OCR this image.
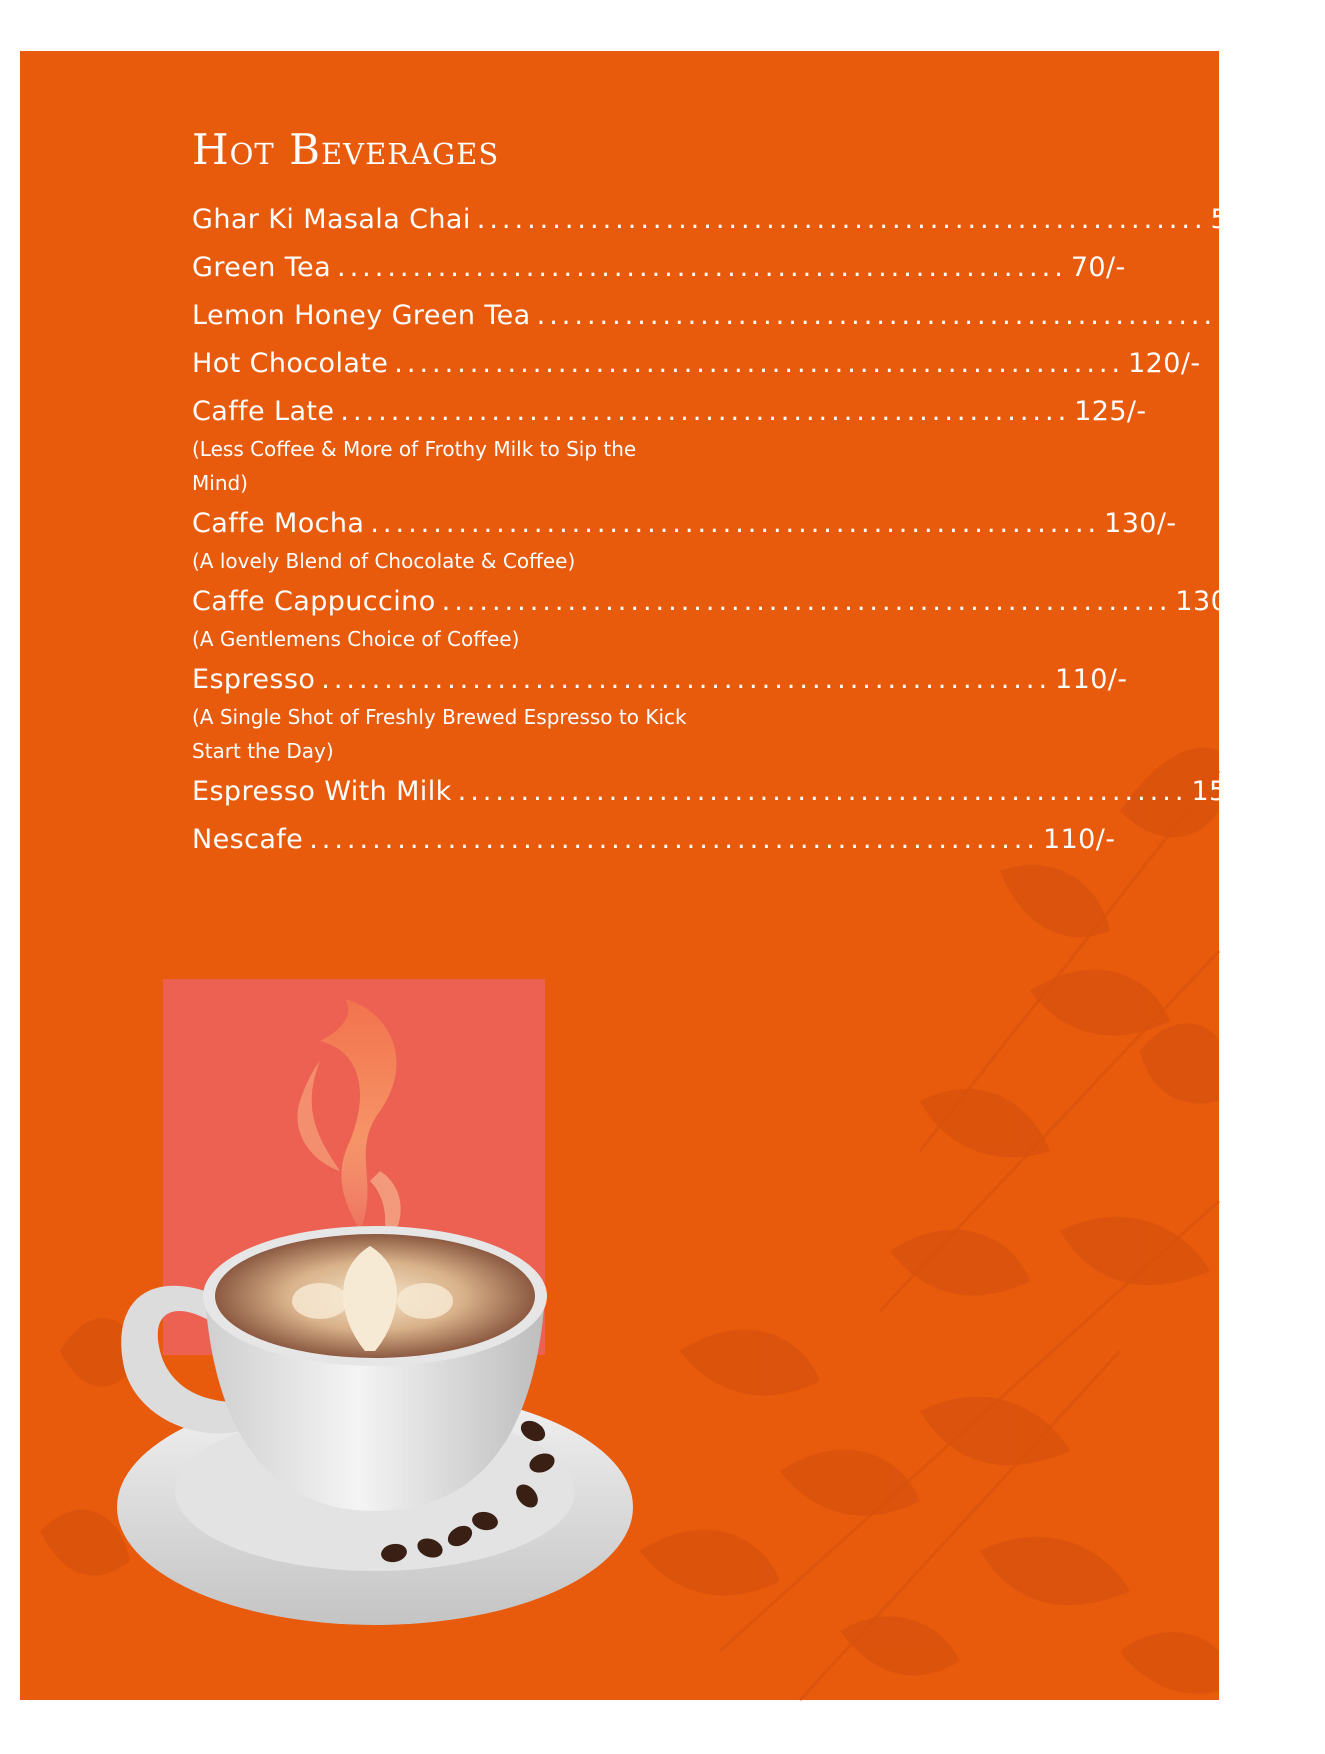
Hot Beverages
Ghar Ki Masala Chai .......................................................... 55/-
Green Tea .......................................................... 70/-
Lemon Honey Green Tea .......................................................... 75/-
Hot Chocolate .......................................................... 120/-
Caffe Late .......................................................... 125/-
(Less Coffee & More of Frothy Milk to Sip the Mind)
Caffe Mocha .......................................................... 130/-
(A lovely Blend of Chocolate & Coffee)
Caffe Cappuccino .......................................................... 130/-
(A Gentlemens Choice of Coffee)
Espresso .......................................................... 110/-
(A Single Shot of Freshly Brewed Espresso to Kick Start the Day)
Espresso With Milk .......................................................... 150/-
Nescafe .......................................................... 110/-
